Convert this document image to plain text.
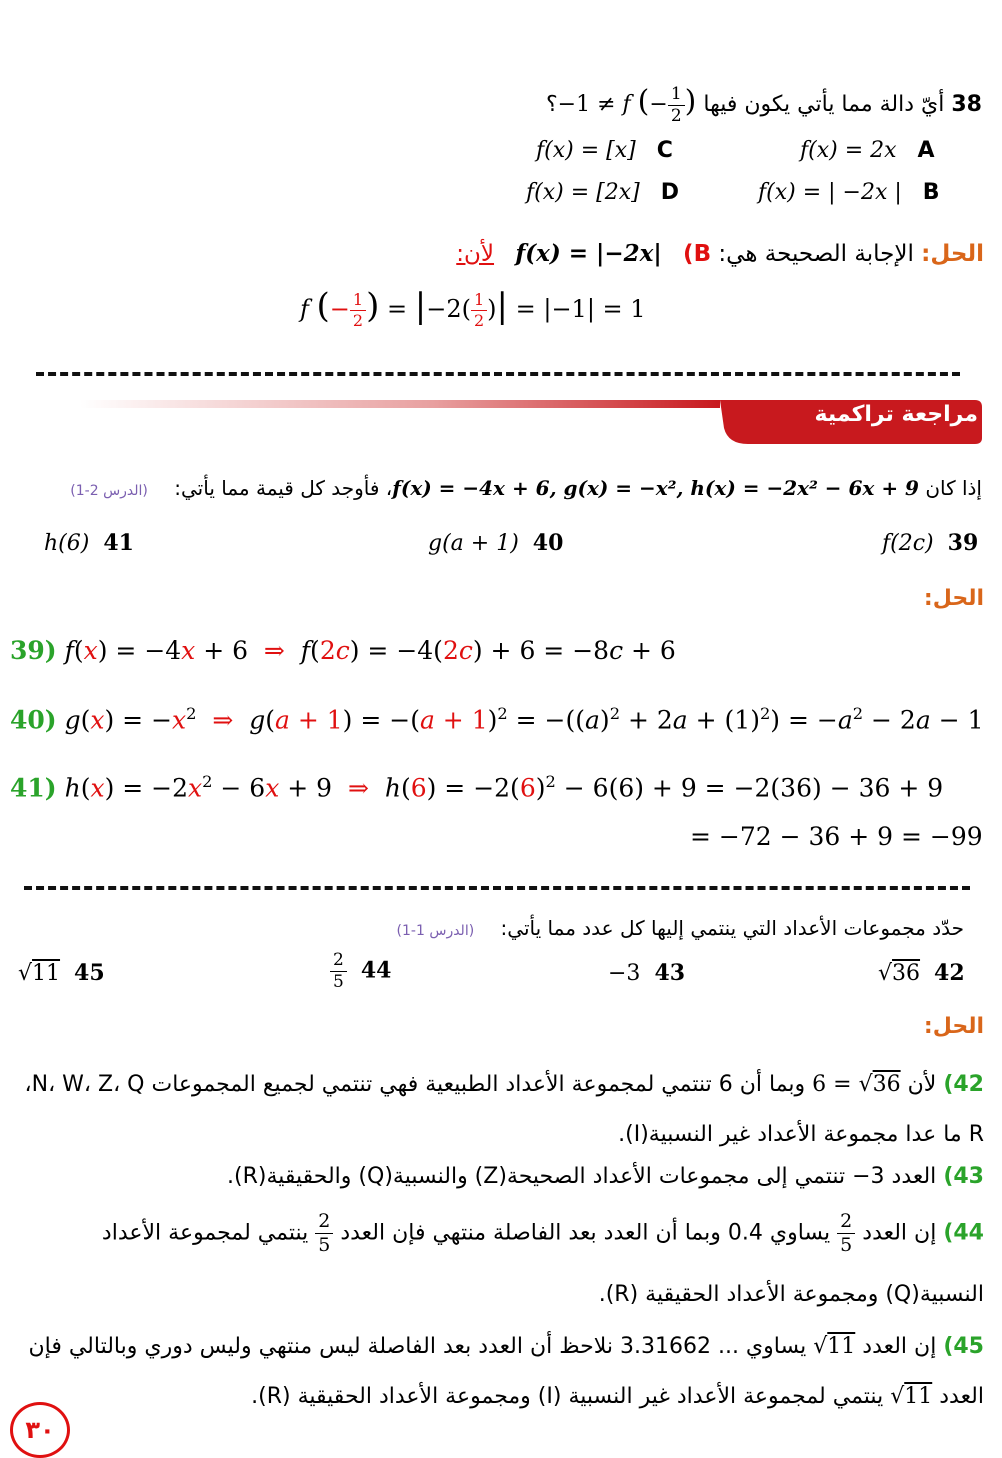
38 أيّ دالة مما يأتي يكون فيها −1 ≠ f (− $\frac{1}{2}$ )؟
f(x) = 2x A
f(x) = [x] C
f(x) = | −2x | B
f(x) = [2x] D
الحل: الإجابة الصحيحة هي: B) f(x) = |−2x| لأن:
f (− $\frac{1}{2}$ ) = $|-2( \frac{1}{2}$ )| = |−1| = 1
مراجعة تراكمية
إذا كان f(x) = −4x + 6, g(x) = −x², h(x) = −2x² − 6x + 9، فأوجد كل قيمة مما يأتي: (الدرس 2-1)
f(2c) 39
g(a + 1) 40
h(6) 41
الحل:
39) f(x) = −4x + 6  ⇒  f(2c) = −4(2c) + 6 = −8c + 6
40) $g(x) = -x^2$  ⇒  $g(a + 1) = -(a + 1)^2 = -((a)^2 + 2a + (1)^2) = -a^2 - 2a - 1$
41) $h(x) = -2x^2 - 6x + 9$  ⇒  $h(6) = -2(6)^2 - 6(6) + 9 = -2(36) - 36 + 9$
= −72 − 36 + 9 = −99
حدّد مجموعات الأعداد التي ينتمي إليها كل عدد مما يأتي: (الدرس 1-1)
√36 42
−3 43
$\frac{2}{5} 44$
√11 45
الحل:
42) لأن 6 = √36 وبما أن 6 تنتمي لمجموعة الأعداد الطبيعية فهي تنتمي لجميع المجموعات N، W، Z، Q،
R ما عدا مجموعة الأعداد غير النسبية(I).
43) العدد 3− تنتمي إلى مجموعات الأعداد الصحيحة(Z) والنسبية(Q) والحقيقية(R).
44) إن العدد
$\frac{2}{5}$
يساوي 0.4 وبما أن العدد بعد الفاصلة منتهي فإن العدد
$\frac{2}{5}$
ينتمي لمجموعة الأعداد
النسبية(Q) ومجموعة الأعداد الحقيقية (R).
45) إن العدد √11 يساوي ... 3.31662 نلاحظ أن العدد بعد الفاصلة ليس منتهي وليس دوري وبالتالي فإن
العدد √11 ينتمي لمجموعة الأعداد غير النسبية (I) ومجموعة الأعداد الحقيقية (R).
٣٠
